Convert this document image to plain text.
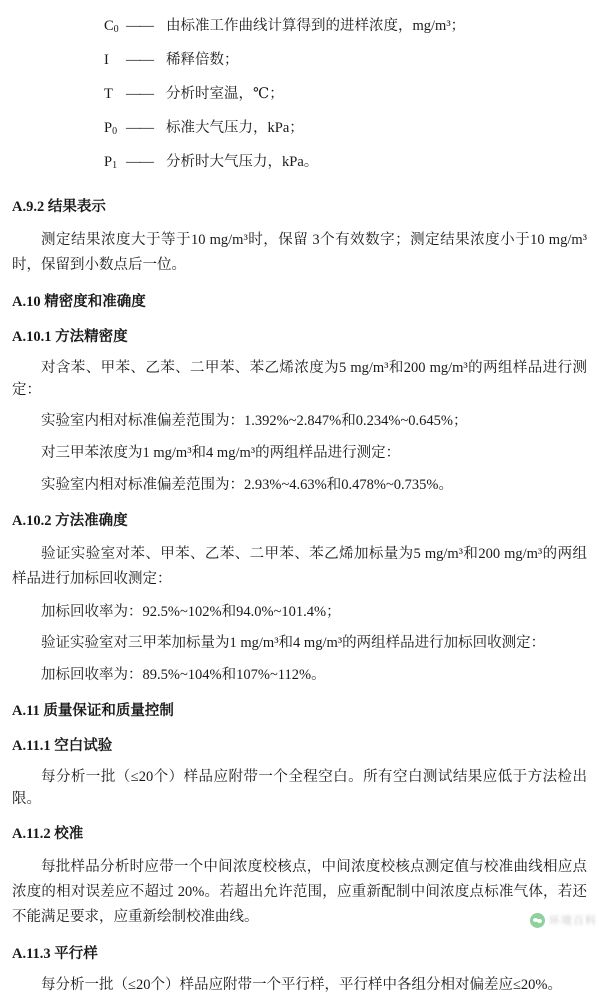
$C_0$ —— 由标准工作曲线计算得到的进样浓度，mg/m³；
I	—— 稀释倍数；
T —— 分析时室温，℃；
$P_0$ —— 标准大气压力，kPa；
$P_1$ —— 分析时大气压力，kPa。
A.9.2 结果表示

测定结果浓度大于等于10 mg/m³时，保留 3个有效数字；测定结果浓度小于10 mg/m³时，保留到小数点后一位。

A.10 精密度和准确度
A.10.1 方法精密度

对含苯、甲苯、乙苯、二甲苯、苯乙烯浓度为5 mg/m³和200 mg/m³的两组样品进行测定：

实验室内相对标准偏差范围为：1.392%~2.847%和0.234%~0.645%；

对三甲苯浓度为1 mg/m³和4 mg/m³的两组样品进行测定：

实验室内相对标准偏差范围为：2.93%~4.63%和0.478%~0.735%。

A.10.2 方法准确度

验证实验室对苯、甲苯、乙苯、二甲苯、苯乙烯加标量为5 mg/m³和200 mg/m³的两组样品进行加标回收测定：

加标回收率为：92.5%~102%和94.0%~101.4%；

验证实验室对三甲苯加标量为1 mg/m³和4 mg/m³的两组样品进行加标回收测定：

加标回收率为：89.5%~104%和107%~112%。

A.11 质量保证和质量控制
A.11.1 空白试验

每分析一批（≤20个）样品应附带一个全程空白。所有空白测试结果应低于方法检出限。

A.11.2 校准

每批样品分析时应带一个中间浓度校核点，中间浓度校核点测定值与校准曲线相应点浓度的相对误差应不超过 20%。若超出允许范围，应重新配制中间浓度点标准气体，若还不能满足要求，应重新绘制校准曲线。

A.11.3 平行样

每分析一批（≤20个）样品应附带一个平行样，平行样中各组分相对偏差应≤20%。

环境百科
